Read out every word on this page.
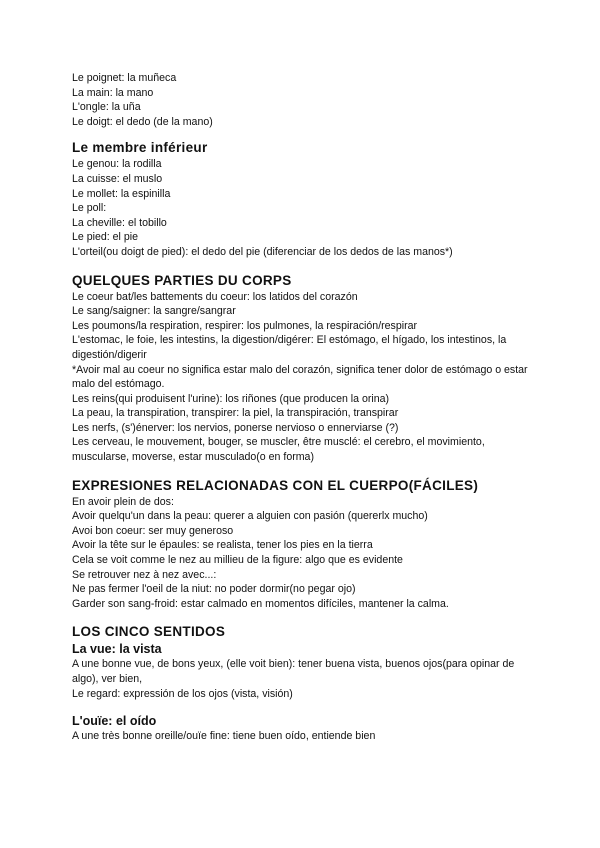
Le poignet: la muñeca
La main: la mano
L'ongle: la uña
Le doigt: el dedo (de la mano)
Le membre inférieur
Le genou: la rodilla
La cuisse: el muslo
Le mollet: la espinilla
Le poll:
La cheville: el tobillo
Le pied: el pie
L'orteil(ou doigt de pied): el dedo del pie (diferenciar de los dedos de las manos*)
QUELQUES PARTIES DU CORPS
Le coeur bat/les battements du coeur: los latidos del corazón
Le sang/saigner: la sangre/sangrar
Les poumons/la respiration, respirer: los pulmones, la respiración/respirar
L'estomac, le foie, les intestins, la digestion/digérer: El estómago, el hígado, los intestinos, la digestión/digerir
*Avoir mal au coeur no significa estar malo del corazón, significa tener dolor de estómago o estar malo del estómago.
Les reins(qui produisent l'urine): los riñones (que producen la orina)
La peau, la transpiration, transpirer: la piel, la transpiración, transpirar
Les nerfs, (s')énerver: los nervios, ponerse nervioso o ennerviarse (?)
Les cerveau, le mouvement, bouger, se muscler, être musclé: el cerebro, el movimiento, muscularse, moverse, estar musculado(o en forma)
EXPRESIONES RELACIONADAS CON EL CUERPO(FÁCILES)
En avoir plein de dos:
Avoir quelqu'un dans la peau: querer a alguien con pasión (quererlx mucho)
Avoi bon coeur: ser muy generoso
Avoir la tête sur le épaules: se realista, tener los pies en la tierra
Cela se voit comme le nez au millieu de la figure: algo que es evidente
Se retrouver nez à nez avec...:
Ne pas fermer l'oeil de la niut: no poder dormir(no pegar ojo)
Garder son sang-froid: estar calmado en momentos difíciles, mantener la calma.
LOS CINCO SENTIDOS
La vue: la vista
A une bonne vue, de bons yeux, (elle voit bien): tener buena vista, buenos ojos(para opinar de algo), ver bien,
Le regard: expressión de los ojos (vista, visión)
L'ouïe: el oído
A une très bonne oreille/ouïe fine: tiene buen oído, entiende bien
